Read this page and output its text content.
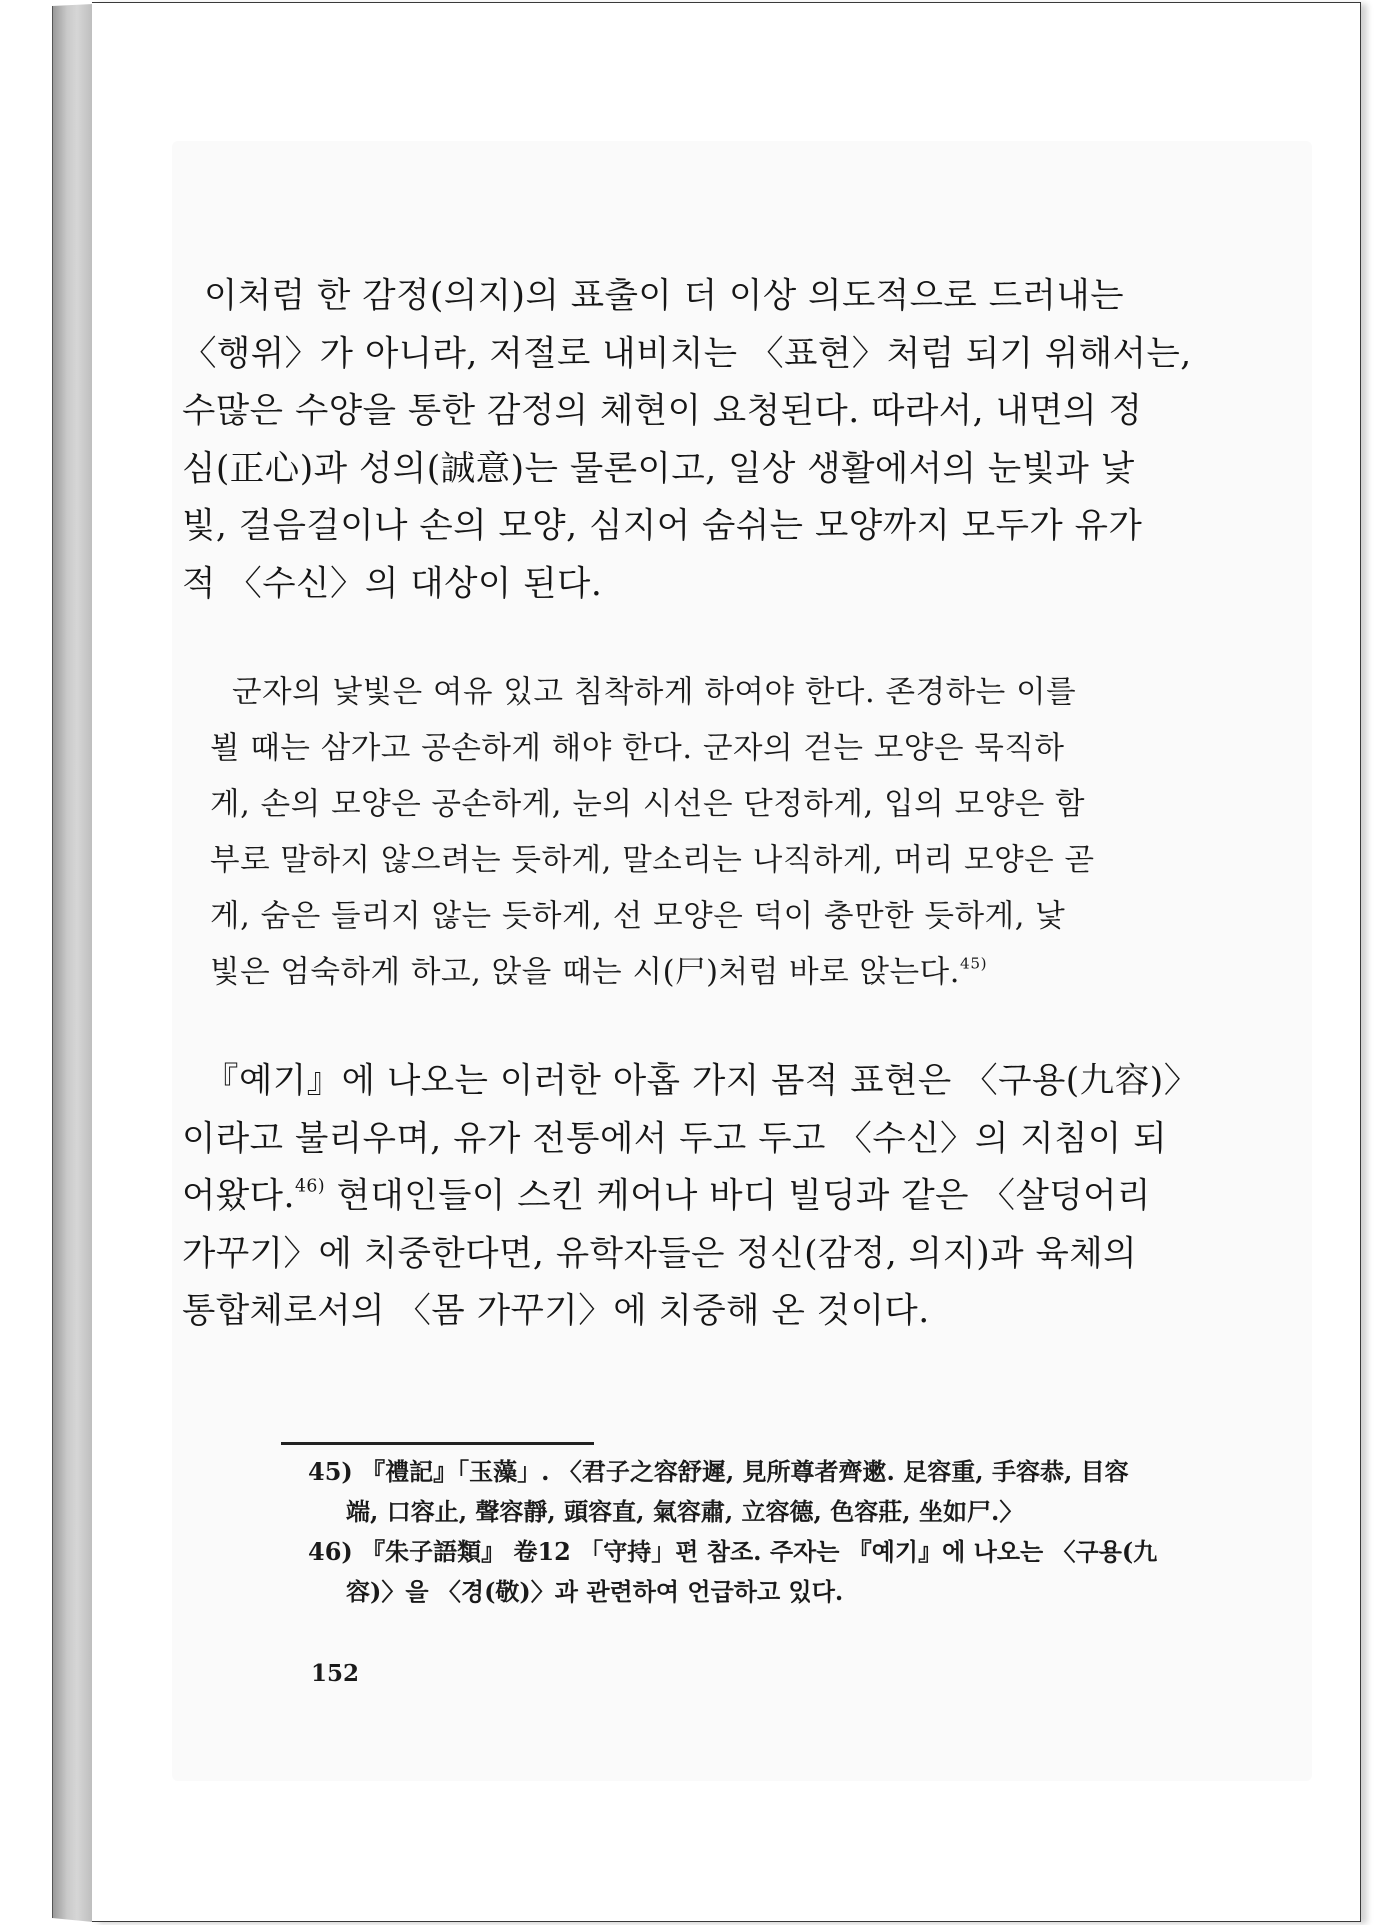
이처럼 한 감정(의지)의 표출이 더 이상 의도적으로 드러내는
〈행위〉가 아니라, 저절로 내비치는 〈표현〉처럼 되기 위해서는,
수많은 수양을 통한 감정의 체현이 요청된다. 따라서, 내면의 정
심(正心)과 성의(誠意)는 물론이고, 일상 생활에서의 눈빛과 낯
빛, 걸음걸이나 손의 모양, 심지어 숨쉬는 모양까지 모두가 유가
적 〈수신〉의 대상이 된다.

군자의 낯빛은 여유 있고 침착하게 하여야 한다. 존경하는 이를
뵐 때는 삼가고 공손하게 해야 한다. 군자의 걷는 모양은 묵직하
게, 손의 모양은 공손하게, 눈의 시선은 단정하게, 입의 모양은 함
부로 말하지 않으려는 듯하게, 말소리는 나직하게, 머리 모양은 곧
게, 숨은 들리지 않는 듯하게, 선 모양은 덕이 충만한 듯하게, 낯
빛은 엄숙하게 하고, 앉을 때는 시(尸)처럼 바로 앉는다.$^{45)}$

『예기』에 나오는 이러한 아홉 가지 몸적 표현은 〈구용(九容)〉
이라고 불리우며, 유가 전통에서 두고 두고 〈수신〉의 지침이 되
어왔다.$^{46)}$ 현대인들이 스킨 케어나 바디 빌딩과 같은 〈살덩어리
가꾸기〉에 치중한다면, 유학자들은 정신(감정, 의지)과 육체의
통합체로서의 〈몸 가꾸기〉에 치중해 온 것이다.

45) 『禮記』「玉藻」. 〈君子之容舒遲, 見所尊者齊遬. 足容重, 手容恭, 目容
端, 口容止, 聲容靜, 頭容直, 氣容肅, 立容德, 色容莊, 坐如尸.〉

46) 『朱子語類』 卷12 「守持」편 참조. 주자는 『예기』에 나오는 〈구용(九
容)〉을 〈경(敬)〉과 관련하여 언급하고 있다.

152
